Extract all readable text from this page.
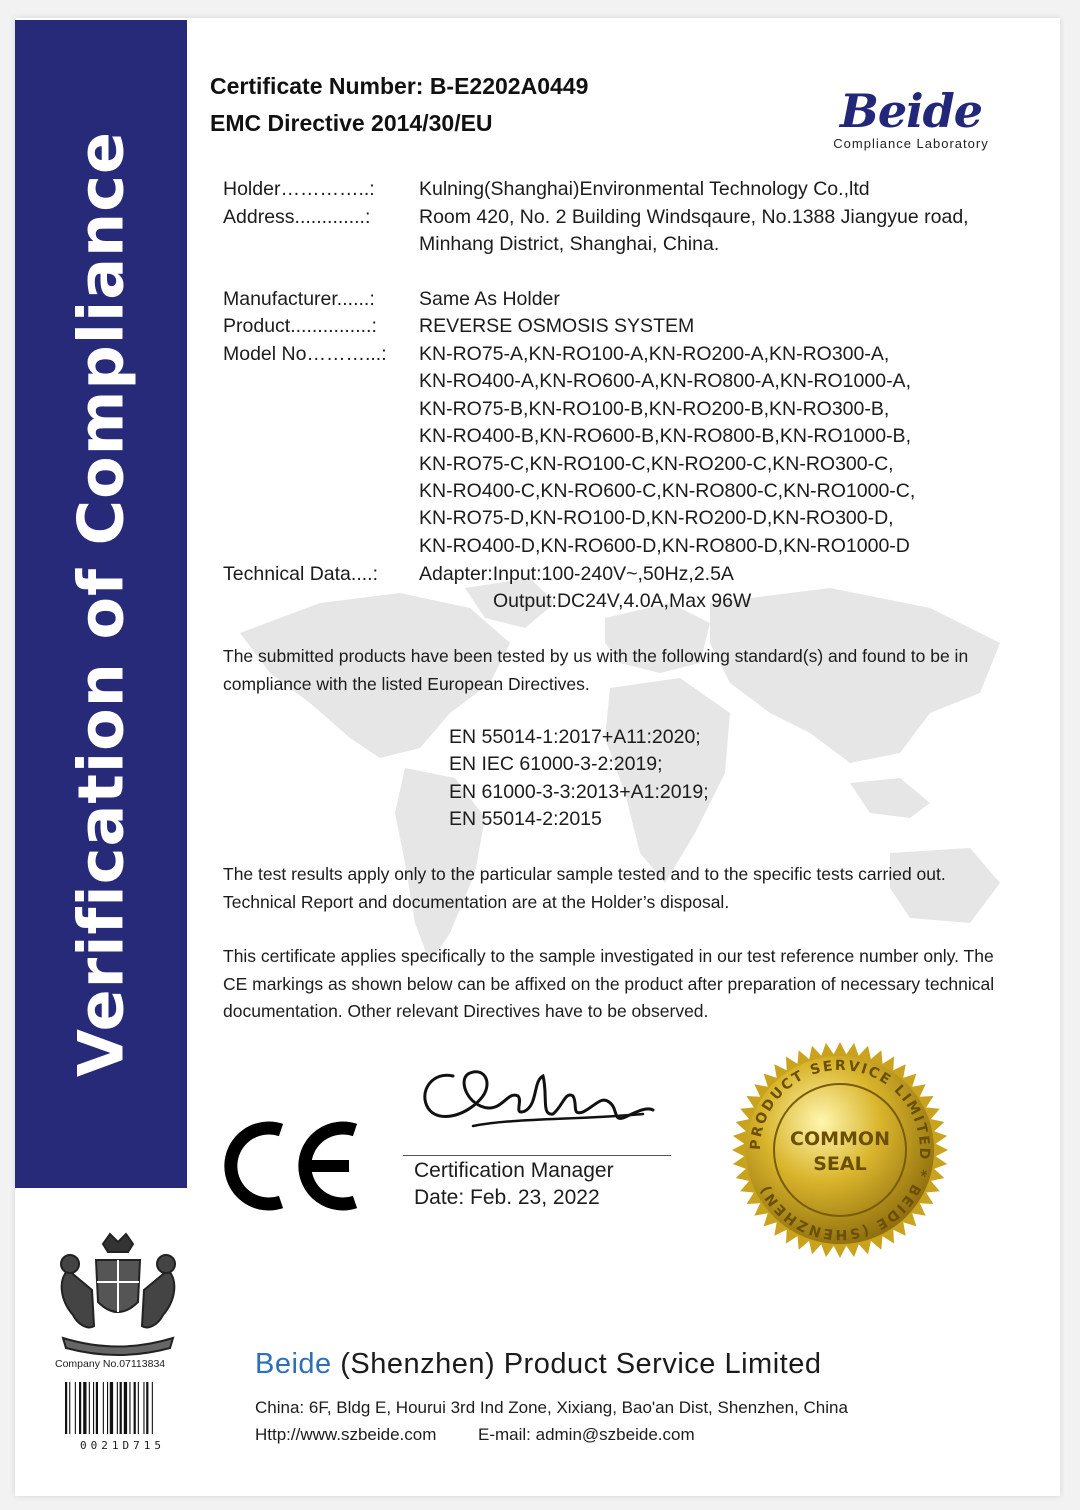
Verification of Compliance
Certificate Number: B-E2202A0449
EMC Directive 2014/30/EU	Beide
Compliance Laboratory
Holder…………..: Kulning(Shanghai)Environmental Technology Co.,ltd
Address.............: Room 420, No. 2 Building Windsqaure, No.1388 Jiangyue road,
Minhang District, Shanghai, China.
Manufacturer......: Same As Holder
Product...............: REVERSE OSMOSIS SYSTEM
Model No………...: KN-RO75-A,KN-RO100-A,KN-RO200-A,KN-RO300-A,
KN-RO400-A,KN-RO600-A,KN-RO800-A,KN-RO1000-A,
KN-RO75-B,KN-RO100-B,KN-RO200-B,KN-RO300-B,
KN-RO400-B,KN-RO600-B,KN-RO800-B,KN-RO1000-B,
KN-RO75-C,KN-RO100-C,KN-RO200-C,KN-RO300-C,
KN-RO400-C,KN-RO600-C,KN-RO800-C,KN-RO1000-C,
KN-RO75-D,KN-RO100-D,KN-RO200-D,KN-RO300-D,
KN-RO400-D,KN-RO600-D,KN-RO800-D,KN-RO1000-D
Technical Data....: Adapter:Input:100-240V~,50Hz,2.5A
Output:DC24V,4.0A,Max 96W
The submitted products have been tested by us with the following standard(s) and found to be in compliance with the listed European Directives.
EN 55014-1:2017+A11:2020;
EN IEC 61000-3-2:2019;
EN 61000-3-3:2013+A1:2019;
EN 55014-2:2015
The test results apply only to the particular sample tested and to the specific tests carried out. Technical Report and documentation are at the Holder’s disposal.
This certificate applies specifically to the sample investigated in our test reference number only. The CE markings as shown below can be affixed on the product after preparation of necessary technical documentation. Other relevant Directives have to be observed.
Certification Manager
Date: Feb. 23, 2022
PRODUCT SERVICE LIMITED * BEIDE (SHENZHEN)
COMMON
SEAL
Company No.07113834
0021D715
Beide (Shenzhen) Product Service Limited
China: 6F, Bldg E, Hourui 3rd Ind Zone, Xixiang, Bao'an Dist, Shenzhen, China
Http://www.szbeide.com E-mail: admin@szbeide.com
